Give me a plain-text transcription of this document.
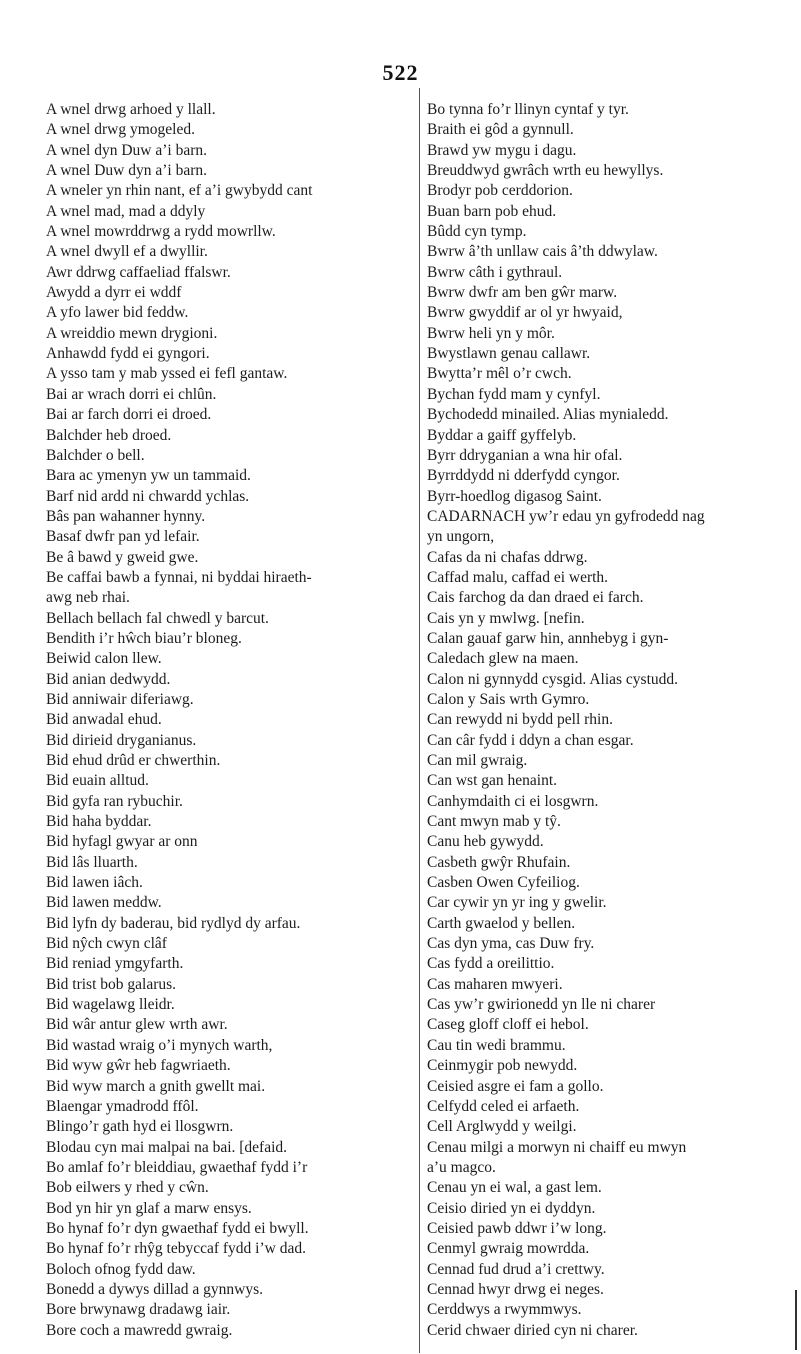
522
A wnel drwg arhoed y llall.
A wnel drwg ymogeled.
A wnel dyn Duw a’i barn.
A wnel Duw dyn a’i barn.
A wneler yn rhin nant, ef a’i gwybydd cant
A wnel mad, mad a ddyly
A wnel mowrddrwg a rydd mowrllw.
A wnel dwyll ef a dwyllir.
Awr ddrwg caffaeliad ffalswr.
Awydd a dyrr ei wddf
A yfo lawer bid feddw.
A wreiddio mewn drygioni.
Anhawdd fydd ei gyngori.
A ysso tam y mab yssed ei fefl gantaw.
Bai ar wrach dorri ei chlûn.
Bai ar farch dorri ei droed.
Balchder heb droed.
Balchder o bell.
Bara ac ymenyn yw un tammaid.
Barf nid ardd ni chwardd ychlas.
Bâs pan wahanner hynny.
Basaf dwfr pan yd lefair.
Be â bawd y gweid gwe.
Be caffai bawb a fynnai, ni byddai hiraeth-
awg neb rhai.
Bellach bellach fal chwedl y barcut.
Bendith i’r hŵch biau’r bloneg.
Beiwid calon llew.
Bid anian dedwydd.
Bid anniwair diferiawg.
Bid anwadal ehud.
Bid dirieid dryganianus.
Bid ehud drûd er chwerthin.
Bid euain alltud.
Bid gyfa ran rybuchir.
Bid haha byddar.
Bid hyfagl gwyar ar onn
Bid lâs lluarth.
Bid lawen iâch.
Bid lawen meddw.
Bid lyfn dy baderau, bid rydlyd dy arfau.
Bid nŷch cwyn clâf
Bid reniad ymgyfarth.
Bid trist bob galarus.
Bid wagelawg lleidr.
Bid wâr antur glew wrth awr.
Bid wastad wraig o’i mynych warth,
Bid wyw gŵr heb fagwriaeth.
Bid wyw march a gnith gwellt mai.
Blaengar ymadrodd ffôl.
Blingo’r gath hyd ei llosgwrn.
Blodau cyn mai malpai na bai. [defaid.
Bo amlaf fo’r bleiddiau, gwaethaf fydd i’r
Bob eilwers y rhed y cŵn.
Bod yn hir yn glaf a marw ensys.
Bo hynaf fo’r dyn gwaethaf fydd ei bwyll.
Bo hynaf fo’r rhŷg tebyccaf fydd i’w dad.
Boloch ofnog fydd daw.
Bonedd a dywys dillad a gynnwys.
Bore brwynawg dradawg iair.
Bore coch a mawredd gwraig.
Bo tynna fo’r llinyn cyntaf y tyr.
Braith ei gôd a gynnull.
Brawd yw mygu i dagu.
Breuddwyd gwrâch wrth eu hewyllys.
Brodyr pob cerddorion.
Buan barn pob ehud.
Bûdd cyn tymp.
Bwrw â’th unllaw cais â’th ddwylaw.
Bwrw câth i gythraul.
Bwrw dwfr am ben gŵr marw.
Bwrw gwyddif ar ol yr hwyaid,
Bwrw heli yn y môr.
Bwystlawn genau callawr.
Bwytta’r mêl o’r cwch.
Bychan fydd mam y cynfyl.
Bychodedd minailed. Alias mynialedd.
Byddar a gaiff gyffelyb.
Byrr ddryganian a wna hir ofal.
Byrrddydd ni dderfydd cyngor.
Byrr-hoedlog digasog Saint.
CADARNACH yw’r edau yn gyfrodedd nag
yn ungorn,
Cafas da ni chafas ddrwg.
Caffad malu, caffad ei werth.
Cais farchog da dan draed ei farch.
Cais yn y mwlwg. [nefin.
Calan gauaf garw hin, annhebyg i gyn-
Caledach glew na maen.
Calon ni gynnydd cysgid. Alias cystudd.
Calon y Sais wrth Gymro.
Can rewydd ni bydd pell rhin.
Can câr fydd i ddyn a chan esgar.
Can mil gwraig.
Can wst gan henaint.
Canhymdaith ci ei losgwrn.
Cant mwyn mab y tŷ.
Canu heb gywydd.
Casbeth gwŷr Rhufain.
Casben Owen Cyfeiliog.
Car cywir yn yr ing y gwelir.
Carth gwaelod y bellen.
Cas dyn yma, cas Duw fry.
Cas fydd a oreilittio.
Cas maharen mwyeri.
Cas yw’r gwirionedd yn lle ni charer
Caseg gloff cloff ei hebol.
Cau tin wedi brammu.
Ceinmygir pob newydd.
Ceisied asgre ei fam a gollo.
Celfydd celed ei arfaeth.
Cell Arglwydd y weilgi.
Cenau milgi a morwyn ni chaiff eu mwyn
a’u magco.
Cenau yn ei wal, a gast lem.
Ceisio diried yn ei dyddyn.
Ceisied pawb ddwr i’w long.
Cenmyl gwraig mowrdda.
Cennad fud drud a’i crettwy.
Cennad hwyr drwg ei neges.
Cerddwys a rwymmwys.
Cerid chwaer diried cyn ni charer.
